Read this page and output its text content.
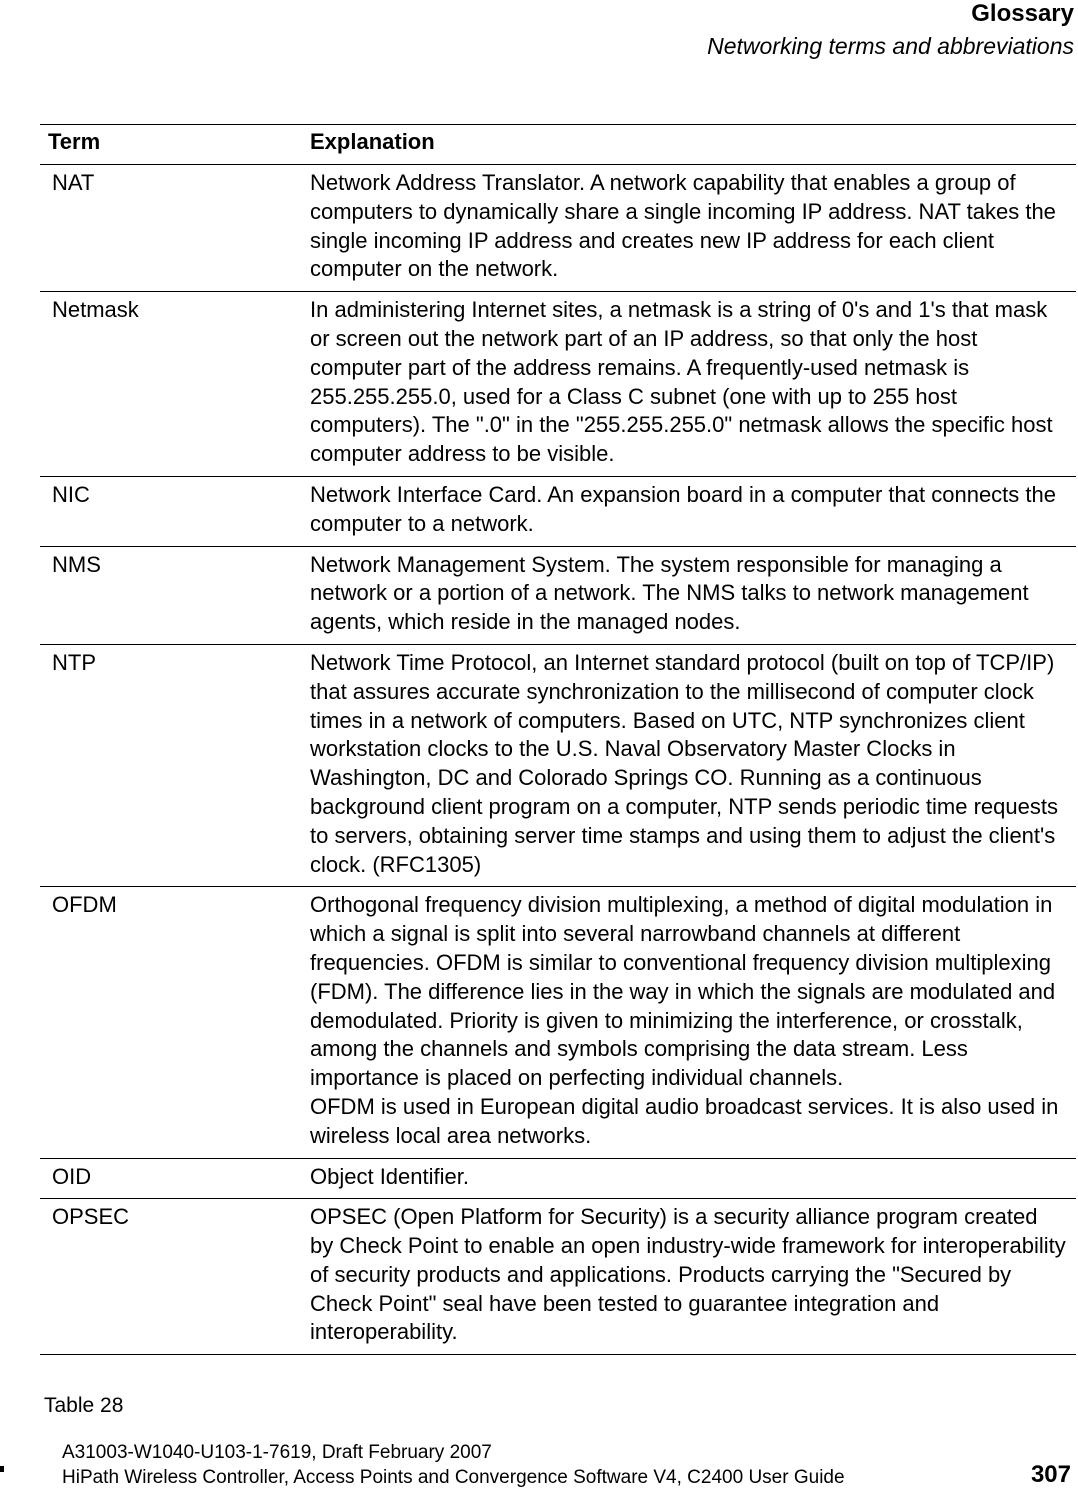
Glossary
Networking terms and abbreviations
Term	Explanation
NAT	Network Address Translator. A network capability that enables a group of computers to dynamically share a single incoming IP address. NAT takes the single incoming IP address and creates new IP address for each client computer on the network.

Netmask	In administering Internet sites, a netmask is a string of 0's and 1's that mask or screen out the network part of an IP address, so that only the host computer part of the address remains. A frequently-used netmask is 255.255.255.0, used for a Class C subnet (one with up to 255 host computers). The ".0" in the "255.255.255.0" netmask allows the specific host computer address to be visible.

NIC	Network Interface Card. An expansion board in a computer that connects the computer to a network.

NMS	Network Management System. The system responsible for managing a network or a portion of a network. The NMS talks to network management agents, which reside in the managed nodes.

NTP	Network Time Protocol, an Internet standard protocol (built on top of TCP/IP) that assures accurate synchronization to the millisecond of computer clock times in a network of computers. Based on UTC, NTP synchronizes client workstation clocks to the U.S. Naval Observatory Master Clocks in Washington, DC and Colorado Springs CO. Running as a continuous background client program on a computer, NTP sends periodic time requests to servers, obtaining server time stamps and using them to adjust the client's clock. (RFC1305)

OFDM	Orthogonal frequency division multiplexing, a method of digital modulation in which a signal is split into several narrowband channels at different frequencies. OFDM is similar to conventional frequency division multiplexing (FDM). The difference lies in the way in which the signals are modulated and demodulated. Priority is given to minimizing the interference, or crosstalk, among the channels and symbols comprising the data stream. Less importance is placed on perfecting individual channels.
OFDM is used in European digital audio broadcast services. It is also used in wireless local area networks.

OID	Object Identifier.

OPSEC	OPSEC (Open Platform for Security) is a security alliance program created by Check Point to enable an open industry-wide framework for interoperability of security products and applications. Products carrying the "Secured by Check Point" seal have been tested to guarantee integration and interoperability.
Table 28
A31003-W1040-U103-1-7619, Draft February 2007
HiPath Wireless Controller, Access Points and Convergence Software V4, C2400 User Guide	307
